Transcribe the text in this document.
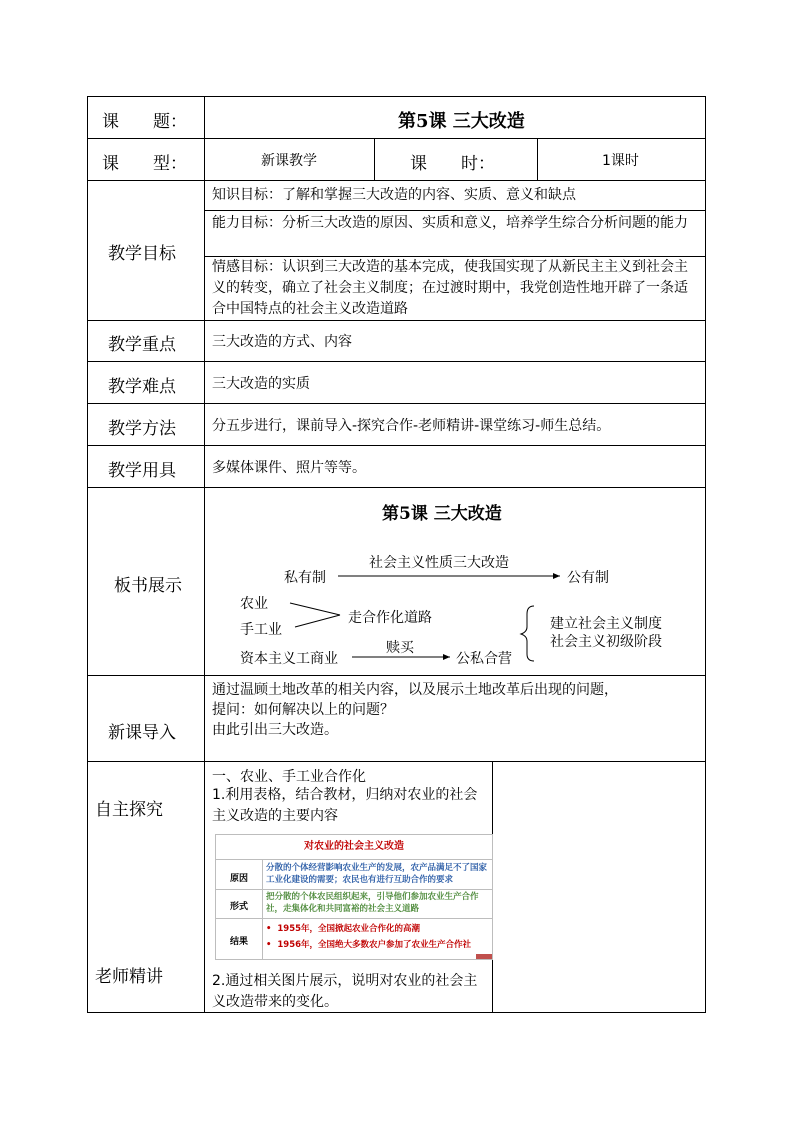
课　　题：
课　　型：
教学目标
教学重点
教学难点
教学方法
教学用具
板书展示
新课导入
自主探究
老师精讲
第5课 三大改造
新课教学	课　　时：	1课时
知识目标：了解和掌握三大改造的内容、实质、意义和缺点
能力目标：分析三大改造的原因、实质和意义，培养学生综合分析问题的能力
情感目标：认识到三大改造的基本完成，使我国实现了从新民主主义到社会主义的转变，确立了社会主义制度；在过渡时期中，我党创造性地开辟了一条适合中国特点的社会主义改造道路
三大改造的方式、内容
三大改造的实质
分五步进行，课前导入-探究合作-老师精讲-课堂练习-师生总结。
多媒体课件、照片等等。
第5课 三大改造
私有制
社会主义性质三大改造
公有制
农业
手工业
走合作化道路
资本主义工商业
赎买
公私合营
建立社会主义制度
社会主义初级阶段
通过温顾土地改革的相关内容，以及展示土地改革后出现的问题，
提问：如何解决以上的问题？
由此引出三大改造。
一、农业、手工业合作化
1.利用表格，结合教材，归纳对农业的社会主义改造的主要内容
对农业的社会主义改造
原因
分散的个体经营影响农业生产的发展，农产品满足不了国家工业化建设的需要；农民也有进行互助合作的要求
形式
把分散的个体农民组织起来，引导他们参加农业生产合作社，走集体化和共同富裕的社会主义道路
结果
•  1955年，全国掀起农业合作化的高潮
•  1956年，全国绝大多数农户参加了农业生产合作社
2.通过相关图片展示，说明对农业的社会主义改造带来的变化。
